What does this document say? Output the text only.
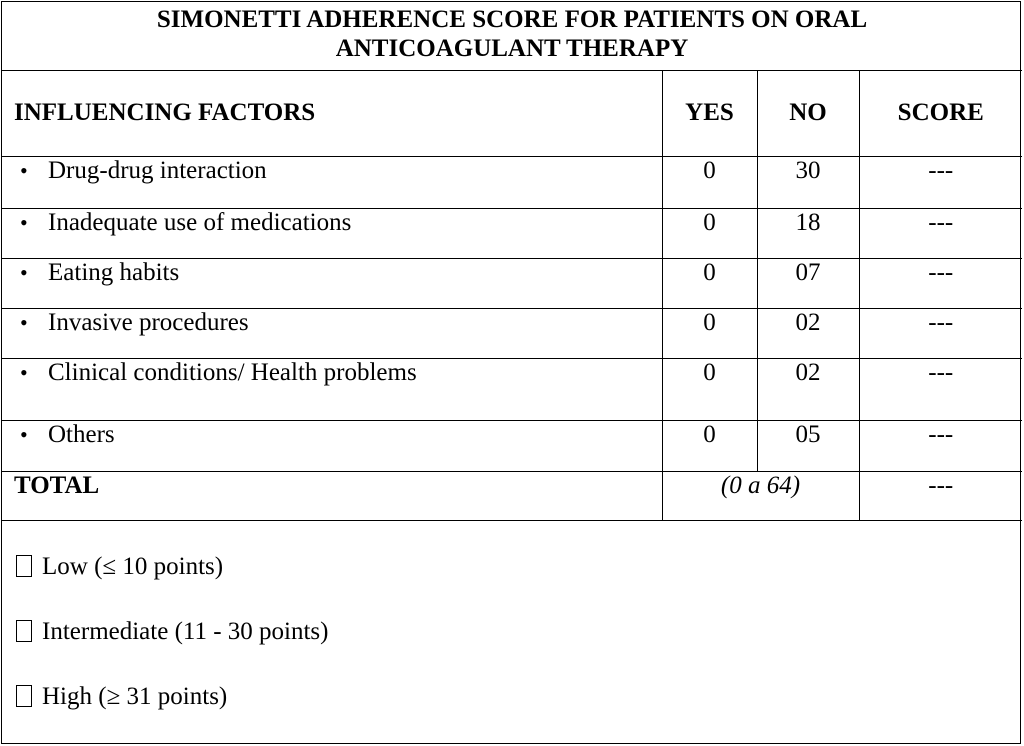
SIMONETTI ADHERENCE SCORE FOR PATIENTS ON ORAL
ANTICOAGULANT THERAPY			

INFLUENCING FACTORS	YES	NO	SCORE
• Drug-drug interaction	0	30	---
• Inadequate use of medications	0	18	---
• Eating habits	0	07	---
• Invasive procedures	0	02	---
• Clinical conditions/ Health problems	0	02	---
• Others	0	05	---
TOTAL	(0 a 64)		---
Low (≤ 10 points)
Intermediate (11 - 30 points)
High (≥ 31 points)
